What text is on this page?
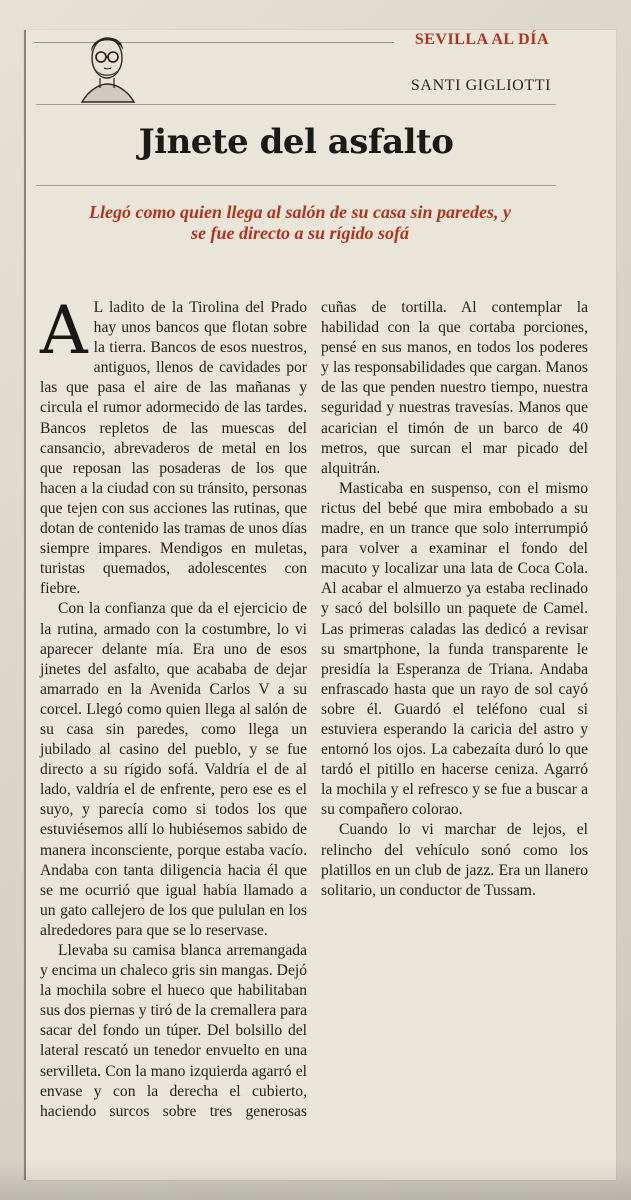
SEVILLA AL DÍA
SANTI GIGLIOTTI
Jinete del asfalto
Llegó como quien llega al salón de su casa sin paredes, y se fue directo a su rígido sofá

A L ladito de la Tirolina del Prado hay unos bancos que flotan sobre la tierra. Bancos de esos nuestros, antiguos, llenos de cavidades por las que pasa el aire de las mañanas y circula el rumor adormecido de las tardes. Bancos repletos de las muescas del cansancio, abrevaderos de metal en los que reposan las posaderas de los que hacen a la ciudad con su tránsito, personas que tejen con sus acciones las rutinas, que dotan de contenido las tramas de unos días siempre impares. Mendigos en muletas, turistas quemados, adolescentes con fiebre.

Con la confianza que da el ejercicio de la rutina, armado con la costumbre, lo vi aparecer delante mía. Era uno de esos jinetes del asfalto, que acababa de dejar amarrado en la Avenida Carlos V a su corcel. Llegó como quien llega al salón de su casa sin paredes, como llega un jubilado al casino del pueblo, y se fue directo a su rígido sofá. Valdría el de al lado, valdría el de enfrente, pero ese es el suyo, y parecía como si todos los que estuviésemos allí lo hubiésemos sabido de manera inconsciente, porque estaba vacío. Andaba con tanta diligencia hacia él que se me ocurrió que igual había llamado a un gato callejero de los que pululan en los alrededores para que se lo reservase.

Llevaba su camisa blanca arremangada y encima un chaleco gris sin mangas. Dejó la mochila sobre el hueco que habilitaban sus dos piernas y tiró de la cremallera para sacar del fondo un túper. Del bolsillo del lateral rescató un tenedor envuelto en una servilleta. Con la mano izquierda agarró el envase y con la derecha el cubierto, haciendo surcos sobre tres generosas cuñas de tortilla. Al contemplar la habilidad con la que cortaba porciones, pensé en sus manos, en todos los poderes y las responsabilidades que cargan. Manos de las que penden nuestro tiempo, nuestra seguridad y nuestras travesías. Manos que acarician el timón de un barco de 40 metros, que surcan el mar picado del alquitrán.

Masticaba en suspenso, con el mismo rictus del bebé que mira embobado a su madre, en un trance que solo interrumpió para volver a examinar el fondo del macuto y localizar una lata de Coca Cola. Al acabar el almuerzo ya estaba reclinado y sacó del bolsillo un paquete de Camel. Las primeras caladas las dedicó a revisar su smartphone, la funda transparente le presidía la Esperanza de Triana. Andaba enfrascado hasta que un rayo de sol cayó sobre él. Guardó el teléfono cual si estuviera esperando la caricia del astro y entornó los ojos. La cabezaíta duró lo que tardó el pitillo en hacerse ceniza. Agarró la mochila y el refresco y se fue a buscar a su compañero colorao.

Cuando lo vi marchar de lejos, el relincho del vehículo sonó como los platillos en un club de jazz. Era un llanero solitario, un conductor de Tussam.
